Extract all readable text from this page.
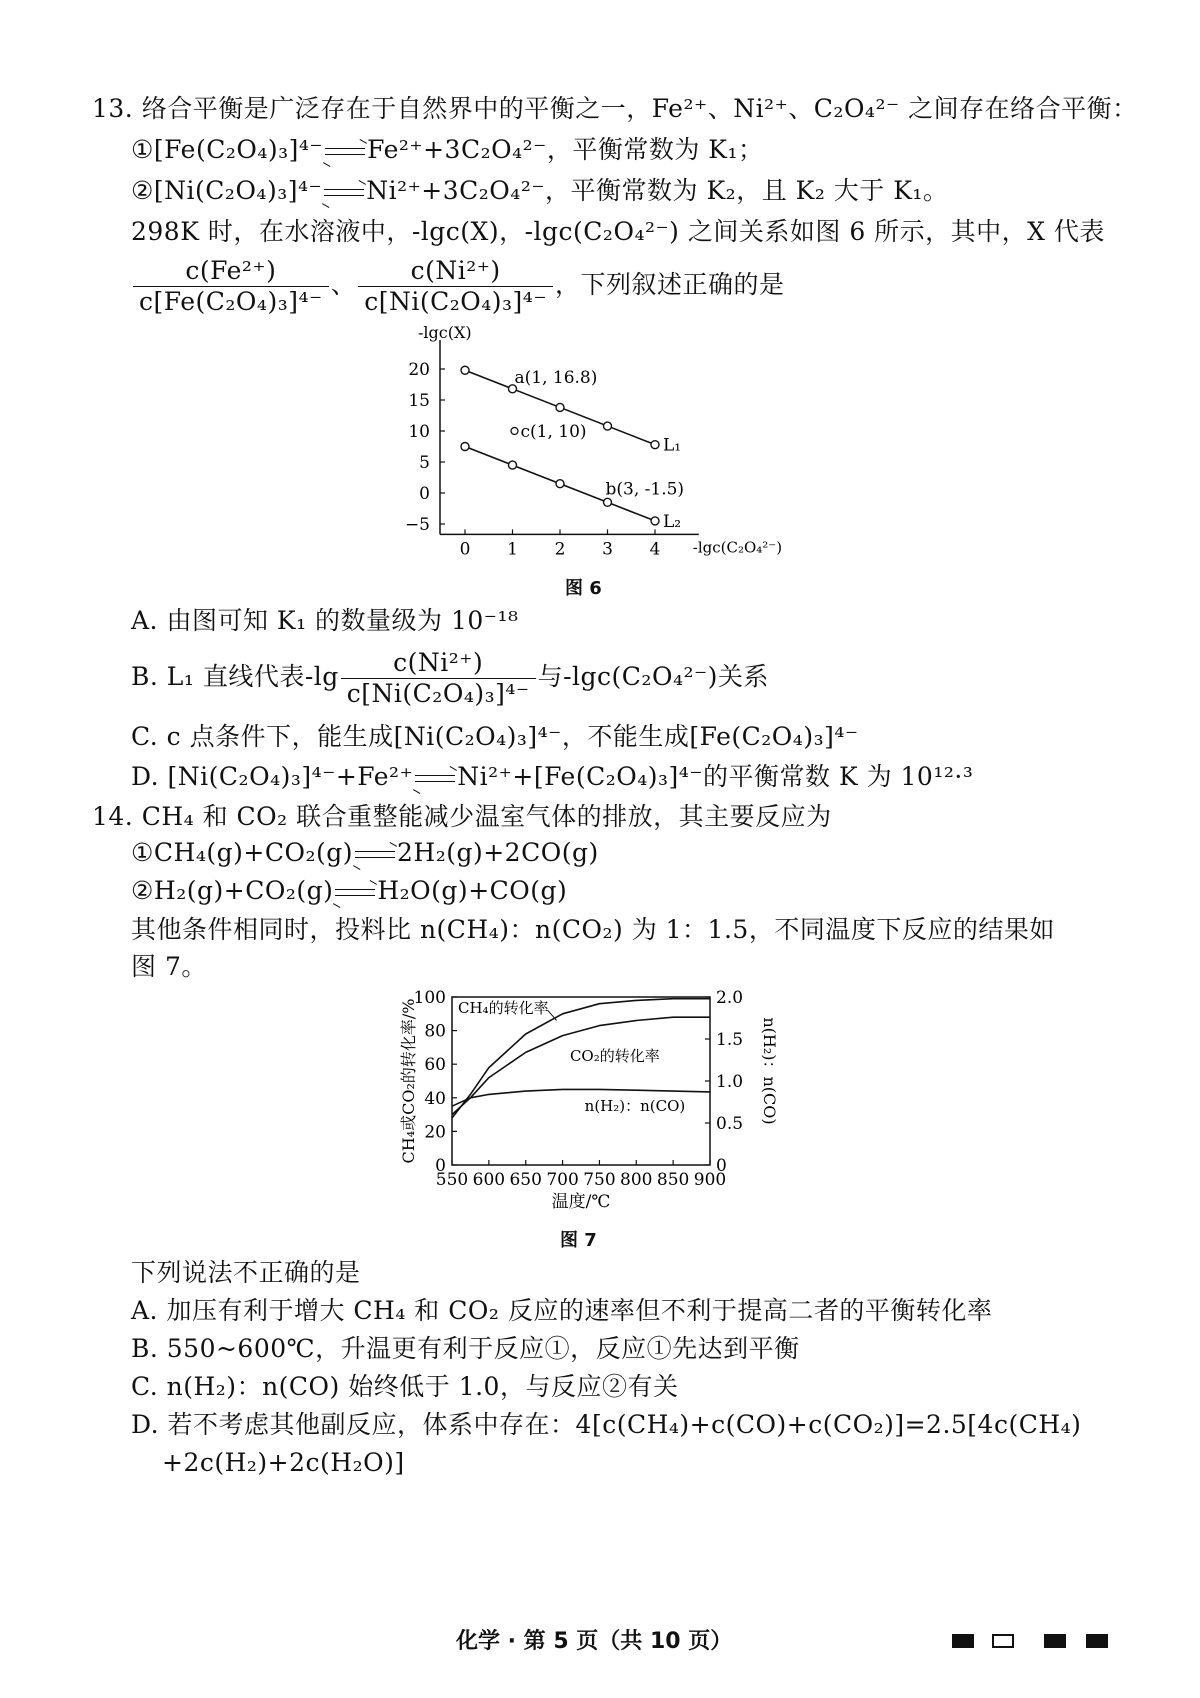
13. 络合平衡是广泛存在于自然界中的平衡之一，Fe²⁺、Ni²⁺、C₂O₄²⁻ 之间存在络合平衡：
①[Fe(C₂O₄)₃]⁴⁻→Fe²⁺+3C₂O₄²⁻，平衡常数为 K₁；
②[Ni(C₂O₄)₃]⁴⁻→Ni²⁺+3C₂O₄²⁻，平衡常数为 K₂，且 K₂ 大于 K₁。
298K 时，在水溶液中，-lgc(X)，-lgc(C₂O₄²⁻) 之间关系如图 6 所示，其中，X 代表
$\frac{\text{c(Fe²⁺)}}{\text{c[Fe(C₂O₄)₃]⁴⁻}}$ 、 $\frac{\text{c(Ni²⁺)}}{\text{c[Ni(C₂O₄)₃]⁴⁻}}$ ，下列叙述正确的是
−5
0
5
10
15
20
0 1 2 3 4
-lgc(X)
-lgc(C₂O₄²⁻)
L₁
L₂
a(1, 16.8)
c(1, 10)
b(3, -1.5)
图 6
A. 由图可知 K₁ 的数量级为 10⁻¹⁸
B. L₁ 直线代表$-\lg \frac{\text{c(Ni²⁺)}}{\text{c[Ni(C₂O₄)₃]⁴⁻}}$ 与-lgc(C₂O₄²⁻)关系
C. c 点条件下，能生成[Ni(C₂O₄)₃]⁴⁻，不能生成[Fe(C₂O₄)₃]⁴⁻
D. [Ni(C₂O₄)₃]⁴⁻+Fe²⁺→Ni²⁺+[Fe(C₂O₄)₃]⁴⁻的平衡常数 K 为 10¹²·³
14. CH₄ 和 CO₂ 联合重整能减少温室气体的排放，其主要反应为
①CH₄(g)+CO₂(g)→2H₂(g)+2CO(g)
②H₂(g)+CO₂(g)→H₂O(g)+CO(g)
其他条件相同时，投料比 n(CH₄)：n(CO₂) 为 1：1.5，不同温度下反应的结果如
图 7。
0
20
40
60
80
100
0
0.5
1.0
1.5
2.0
550 600 650 700 750 800 850 900
温度/℃
CH₄或CO₂的转化率/%	n(H₂)：n(CO)
CH₄的转化率
CO₂的转化率
n(H₂)：n(CO)
图 7
下列说法不正确的是
A. 加压有利于增大 CH₄ 和 CO₂ 反应的速率但不利于提高二者的平衡转化率
B. 550~600℃，升温更有利于反应①，反应①先达到平衡
C. n(H₂)：n(CO) 始终低于 1.0，与反应②有关
D. 若不考虑其他副反应，体系中存在：4[c(CH₄)+c(CO)+c(CO₂)]=2.5[4c(CH₄)
+2c(H₂)+2c(H₂O)]
化学 · 第 5 页（共 10 页）
